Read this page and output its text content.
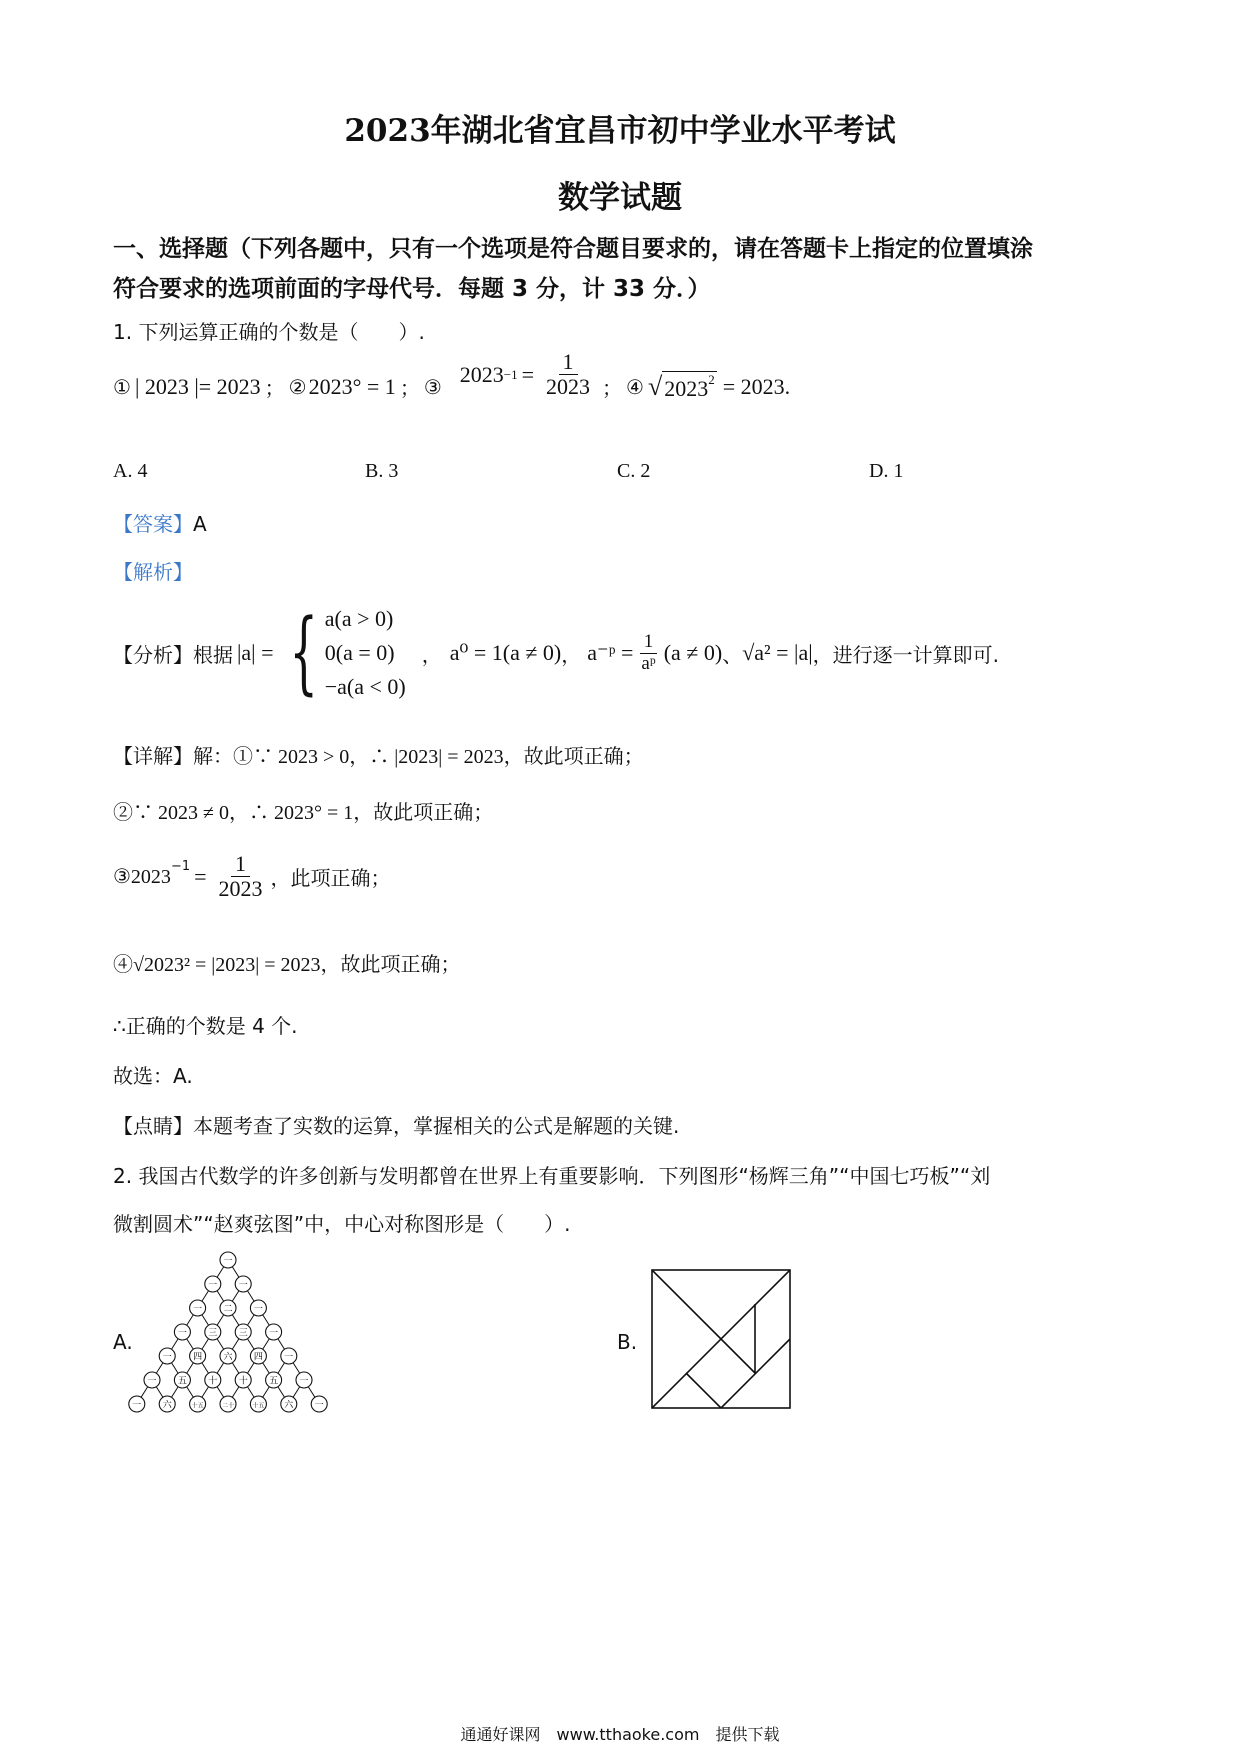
2023年湖北省宜昌市初中学业水平考试
数学试题
一、选择题（下列各题中，只有一个选项是符合题目要求的，请在答题卡上指定的位置填涂
符合要求的选项前面的字母代号．每题 3 分，计 33 分．）
1. 下列运算正确的个数是（　　）.
① | 2023 |= 2023 ； ② 2023° = 1 ； ③ $2023 -1 = \frac{1}{2023}$ ； ④ √ $2023^2 = 2023$ .
A. 4	B. 3	C. 2	D. 1
【答案】A
【解析】
【分析】 根据 |a| = { a(a > 0)
0(a = 0)
−a(a < 0)
， a⁰ = 1(a ≠ 0) ， a⁻ᵖ = $\frac{1}{\text{aᵖ}} (a \ne 0)$ 、 √a² = |a| ，进行逐一计算即可.
【详解】解：①∵ 2023 > 0，∴ |2023| = 2023，故此项正确；
②∵ 2023 ≠ 0，∴ 2023° = 1，故此项正确；
③2023 $-1 = \frac{1}{2023}$ ，此项正确；
④√2023² = |2023| = 2023，故此项正确；
∴正确的个数是 4 个.
故选：A.
【点睛】本题考查了实数的运算，掌握相关的公式是解题的关键.
2. 我国古代数学的许多创新与发明都曾在世界上有重要影响．下列图形“杨辉三角”“中国七巧板”“刘
微割圆术”“赵爽弦图”中，中心对称图形是（　　）.
A.
一
一 一
一 二 一
一 三 三 一
一 四 六 四 一
一 五 十 十 五 一
一 六	十五	二十	十五 六 一
B.
通通好课网　www.tthaoke.com　提供下载
